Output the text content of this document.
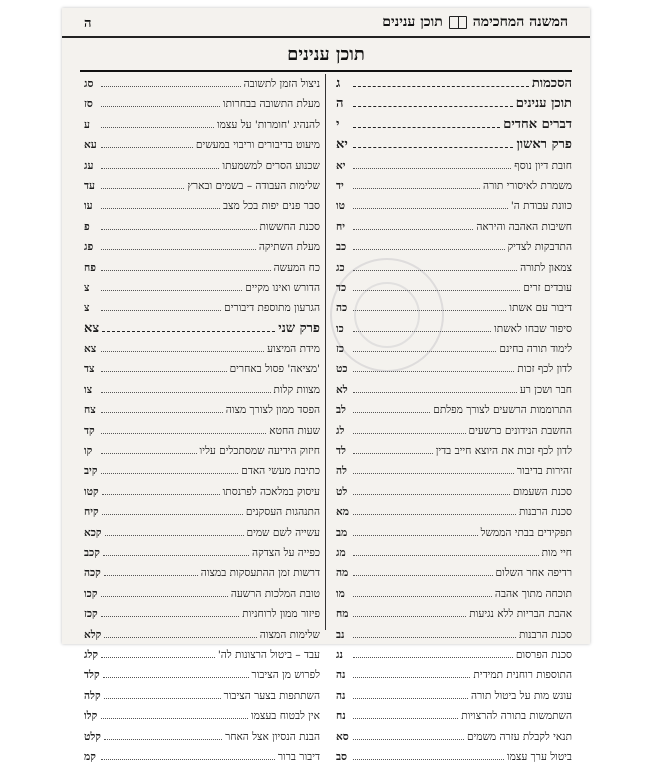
המשנה המחכימה
תוכן ענינים
ה
תוכן ענינים
הסכמות
ג
תוכן ענינים
ה
דברים אחדים
י
פרק ראשון
יא
חובת דיון נוסף
יא
משמרת לאיסורי תורה
יד
כוונת עבודת ה'
טו
חשיבות האהבה והיראה
יח
התדבקות לצדיק
כב
צמאון לתורה
כג
עובדים זרים
כד
דיבור עם אשתו
כה
סיפור שבחו לאשתו
כו
לימוד תורה בחינם
כז
לדון לכף זכות
כט
חבר ושכן רע
לא
התרוממות הרשעים לצורך מפלתם
לב
החשבת הנידונים כרשעים
לג
לדון לכף זכות את היוצא חייב בדין
לד
זהירות בדיבור
לה
סכנת השעמום
לט
סכנת הרבנות
מא
תפקידים בבתי הממשל
מב
חיי מות
מג
רדיפה אחר השלום
מה
תוכחה מתוך אהבה
מו
אהבת הבריות ללא נגיעות
מח
סכנת הרבנות
נב
סכנת הפרסום
נג
התוספות רוחנית תמידית
נה
עונש מות על ביטול תורה
נה
השתמשות בתורה להרצויות
נח
תנאי לקבלת עזרה משמים
סא
ביטול ערך עצמו
סב
ניצול הזמן לתשובה
סג
מעלת התשובה בבחרותו
סז
להנהיג 'חומרות' על עצמו
ע
מיעוט בדיבורים וריבוי במעשים
עא
שכנוע הסרים למשמעתו
עג
שלימות העבודה – בשמים ובארץ
עד
סבר פנים יפות בכל מצב
עו
סכנת החששות
פ
מעלת השתיקה
פג
כח המעשה
פח
הדורש ואינו מקיים
צ
הגרעון מתוספת דיבורים
צ
פרק שני
צא
מידת המיצוע
צא
'מציאה' פסול באחרים
צד
מצוות קלות
צו
הפסד ממון לצורך מצוה
צח
שעות החטא
קד
חיזוק הידיעה שמסתכלים עליו
קו
כתיבת מעשי האדם
קיב
עיסוק במלאכה לפרנסתו
קטו
התנהגות העסקנים
קיח
עשייה לשם שמים
קכא
כפייה על הצדקה
קכב
דרשות זמן ההתעסקות במצוה
קכה
טובת המלכות הרשעה
קכו
פיזור ממון לרוחניות
קכז
שלימות המצוה
קלא
עבד – ביטול הרצונות לה'
קלג
לפרוש מן הציבור
קלד
השתתפות בצער הציבור
קלה
אין לבטוח בעצמו
קלו
הבנת הנסיון אצל האחר
קלט
דיבור ברור
קמ
